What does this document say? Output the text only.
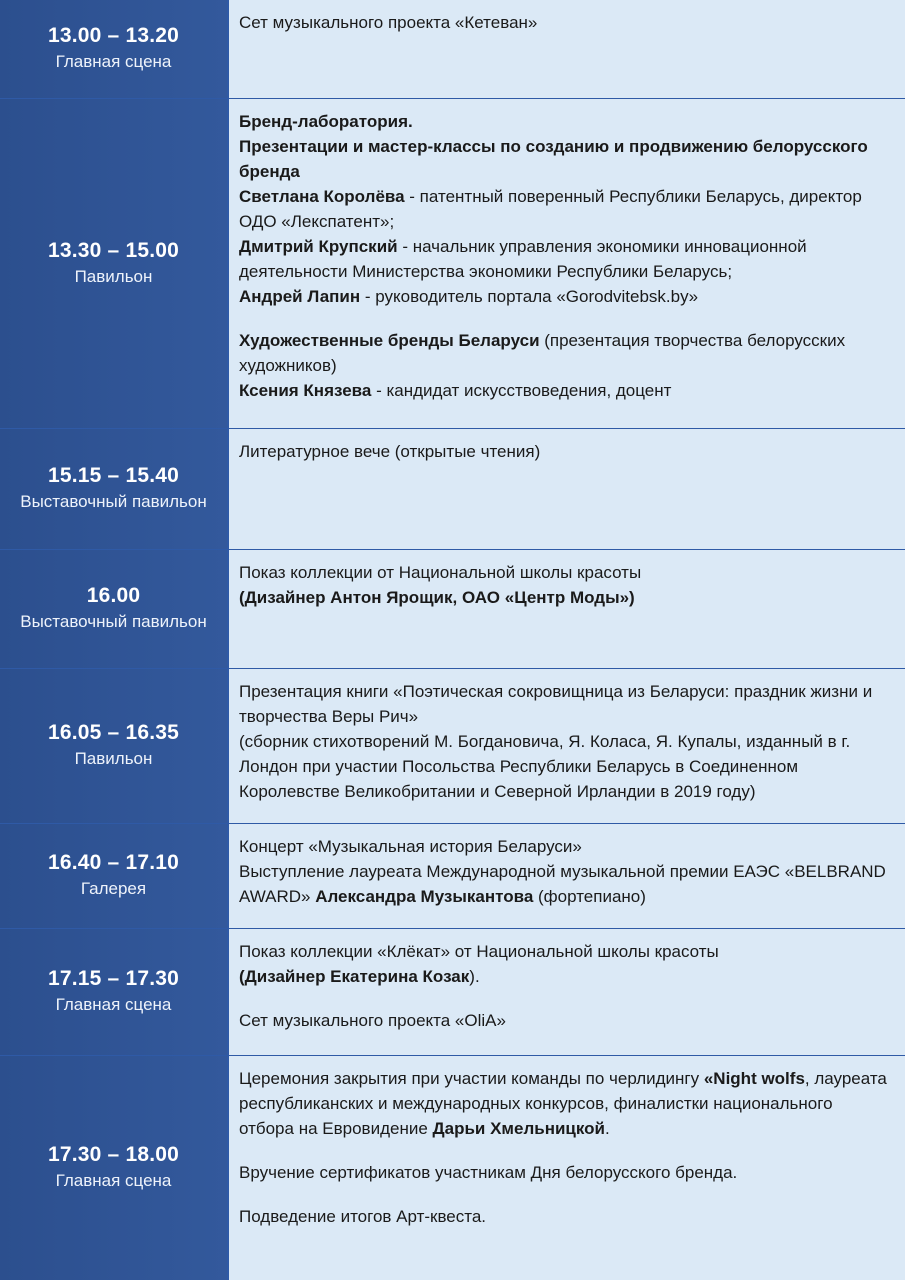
13.00 – 13.20
Главная сцена

Сет музыкального проекта «Кетеван»

13.30 – 15.00
Павильон

Бренд-лаборатория.

Презентации и мастер-классы по созданию и продвижению белорусского бренда

Светлана Королёва - патентный поверенный Республики Беларусь, директор ОДО «Лекспатент»;

Дмитрий Крупский - начальник управления экономики инновационной деятельности Министерства экономики Республики Беларусь;

Андрей Лапин - руководитель портала «Gorodvitebsk.by»

Художественные бренды Беларуси (презентация творчества белорусских художников)

Ксения Князева - кандидат искусствоведения, доцент

15.15 – 15.40
Выставочный павильон

Литературное вече (открытые чтения)

16.00
Выставочный павильон

Показ коллекции от Национальной школы красоты

(Дизайнер Антон Ярощик, ОАО «Центр Моды»)

16.05 – 16.35
Павильон

Презентация книги «Поэтическая сокровищница из Беларуси: праздник жизни и творчества Веры Рич»

(сборник стихотворений М. Богдановича, Я. Коласа, Я. Купалы, изданный в г. Лондон при участии Посольства Республики Беларусь в Соединенном Королевстве Великобритании и Северной Ирландии в 2019 году)

16.40 – 17.10
Галерея

Концерт «Музыкальная история Беларуси»

Выступление лауреата Международной музыкальной премии ЕАЭС «BELBRAND AWARD» Александра Музыкантова (фортепиано)

17.15 – 17.30
Главная сцена

Показ коллекции «Клёкат» от Национальной школы красоты

(Дизайнер Екатерина Козак).

Сет музыкального проекта «OliA»

17.30 – 18.00
Главная сцена

Церемония закрытия при участии команды по черлидингу «Night wolfs, лауреата республиканских и международных конкурсов, финалистки национального отбора на Евровидение Дарьи Хмельницкой.

Вручение сертификатов участникам Дня белорусского бренда.

Подведение итогов Арт-квеста.
